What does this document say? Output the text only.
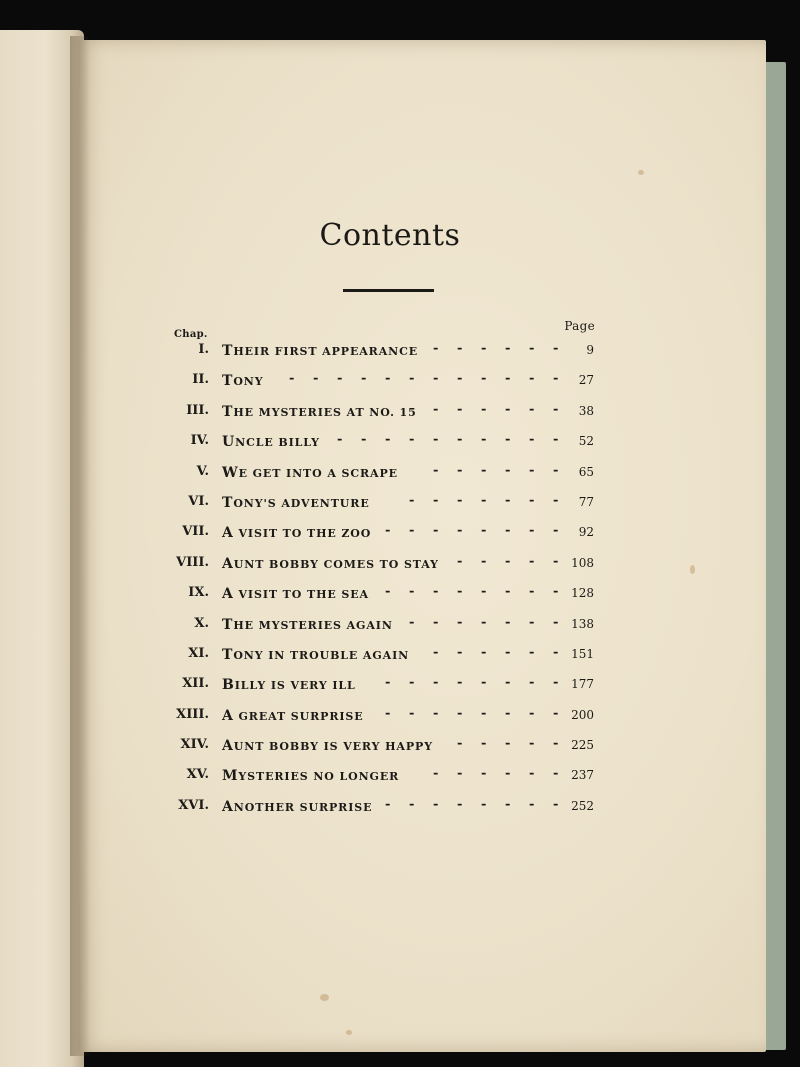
Contents
Chap.
Page
I. THEIR FIRST APPEARANCE - - - - - - 9
II. TONY - - - - - - - - - - - - 27
III. THE MYSTERIES AT NO. 15 - - - - - - 38
IV. UNCLE BILLY - - - - - - - - - - 52
V. WE GET INTO A SCRAPE	- - - - - - 65
VI. TONY'S ADVENTURE	- - - - - - - 77
VII. A VISIT TO THE ZOO - - - - - - - - 92
VIII. AUNT BOBBY COMES TO STAY - - - - - 108
IX. A VISIT TO THE SEA - - - - - - - - 128
X. THE MYSTERIES AGAIN - - - - - - - 138
XI. TONY IN TROUBLE AGAIN - - - - - - 151
XII. BILLY IS VERY ILL - - - - - - - - 177
XIII. A GREAT SURPRISE - - - - - - - - 200
XIV. AUNT BOBBY IS VERY HAPPY - - - - - 225
XV. MYSTERIES NO LONGER	- - - - - - 237
XVI. ANOTHER SURPRISE - - - - - - - - 252
